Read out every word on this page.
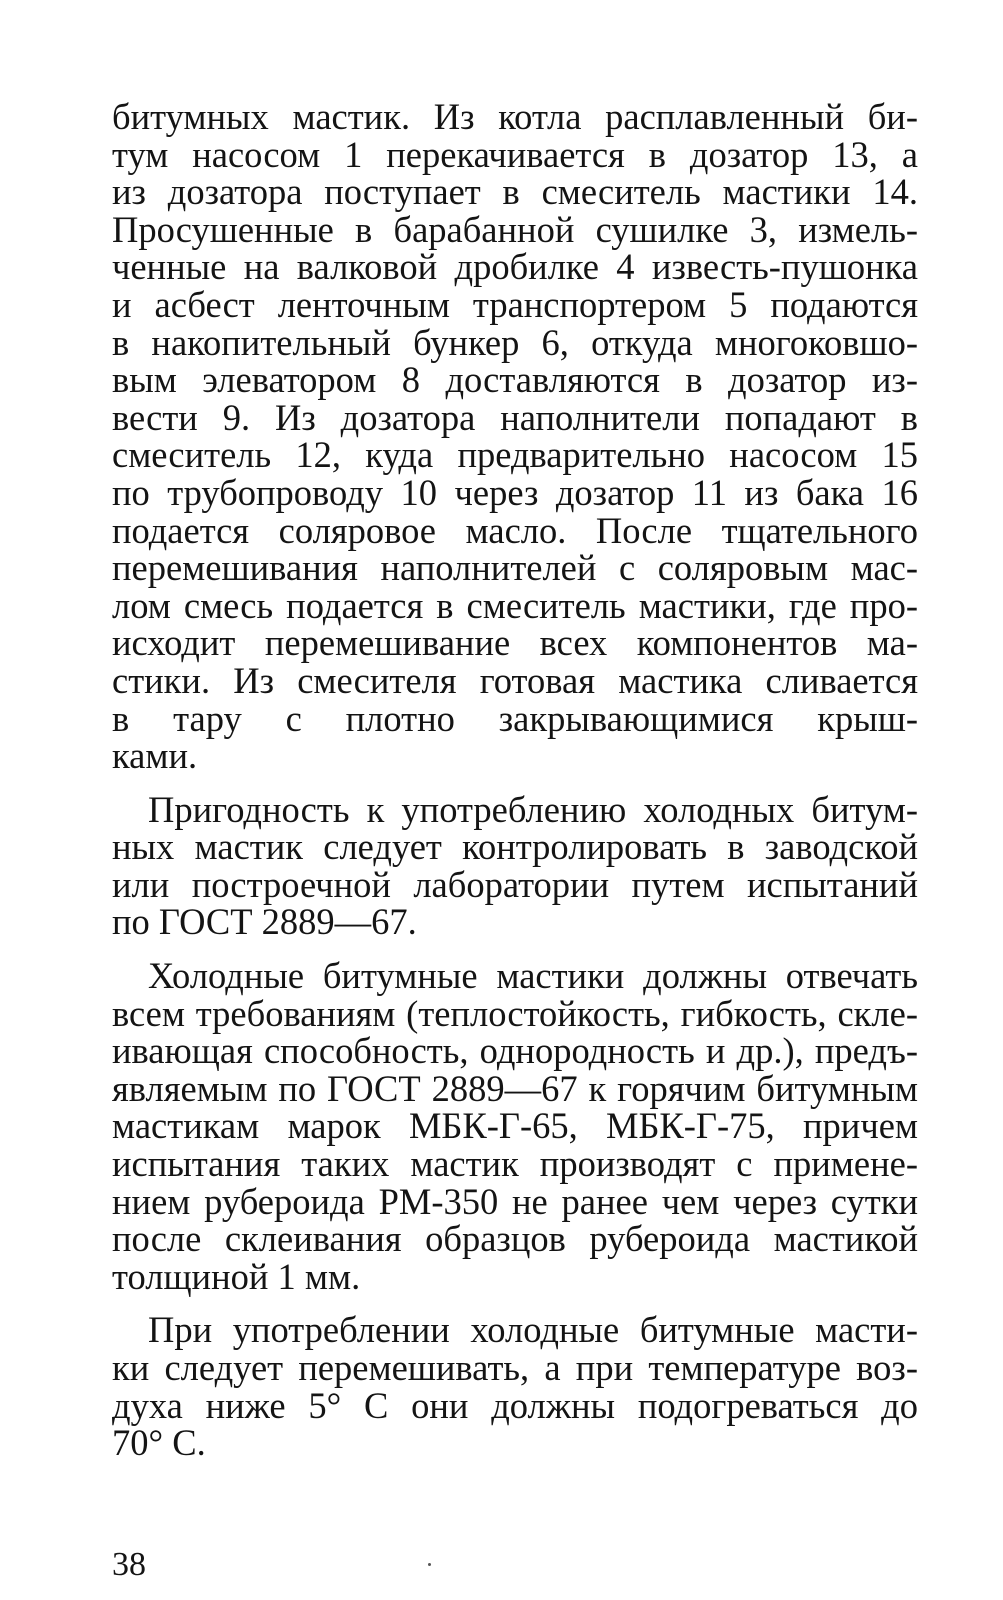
битумных мастик. Из котла расплавленный би-
тум насосом 1 перекачивается в дозатор 13, а
из дозатора поступает в смеситель мастики 14.
Просушенные в барабанной сушилке 3, измель-
ченные на валковой дробилке 4 известь-пушонка
и асбест ленточным транспортером 5 подаются
в накопительный бункер 6, откуда многоковшо-
вым элеватором 8 доставляются в дозатор из-
вести 9. Из дозатора наполнители попадают в
смеситель 12, куда предварительно насосом 15
по трубопроводу 10 через дозатор 11 из бака 16
подается соляровое масло. После тщательного
перемешивания наполнителей с соляровым мас-
лом смесь подается в смеситель мастики, где про-
исходит перемешивание всех компонентов ма-
стики. Из смесителя готовая мастика сливается
в тару с плотно закрывающимися крыш-
ками.

Пригодность к употреблению холодных битум-
ных мастик следует контролировать в заводской
или построечной лаборатории путем испытаний
по ГОСТ 2889—67.

Холодные битумные мастики должны отвечать
всем требованиям (теплостойкость, гибкость, скле-
ивающая способность, однородность и др.), предъ-
являемым по ГОСТ 2889—67 к горячим битумным
мастикам марок МБК-Г-65, МБК-Г-75, причем
испытания таких мастик производят с примене-
нием рубероида РМ-350 не ранее чем через сутки
после склеивания образцов рубероида мастикой
толщиной 1 мм.

При употреблении холодные битумные масти-
ки следует перемешивать, а при температуре воз-
духа ниже 5° С они должны подогреваться до
70° С.

38
